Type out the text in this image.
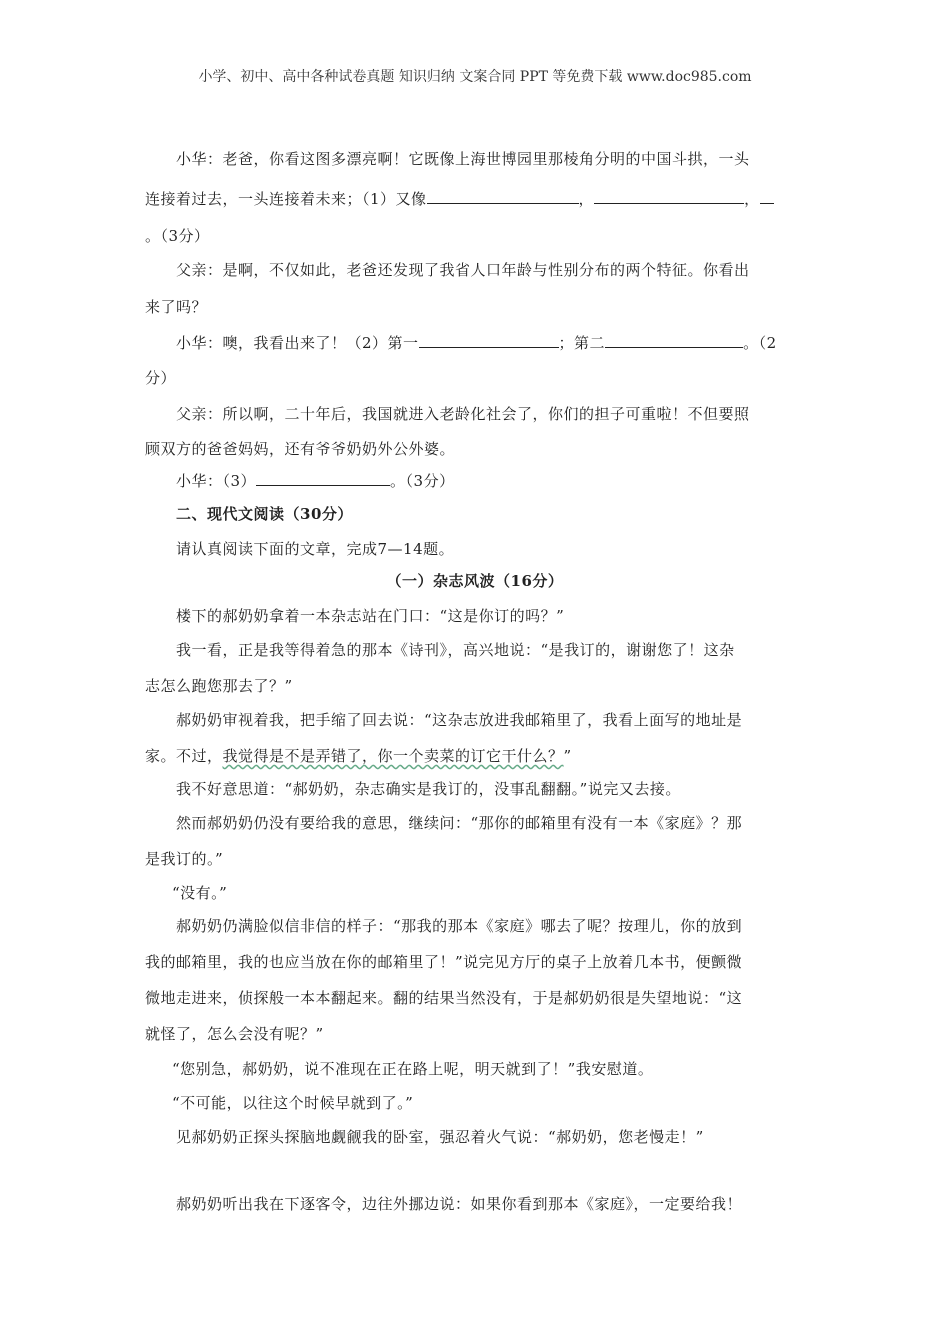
小学、初中、高中各种试卷真题 知识归纳 文案合同 PPT 等免费下载 www.doc985.com
小华：老爸，你看这图多漂亮啊！它既像上海世博园里那棱角分明的中国斗拱，一头
连接着过去，一头连接着未来；（1）又像	，	，
。（3分）
父亲：是啊，不仅如此，老爸还发现了我省人口年龄与性别分布的两个特征。你看出
来了吗？
小华：噢，我看出来了！（2）第一	；第二	。（2
分）
父亲：所以啊，二十年后，我国就进入老龄化社会了，你们的担子可重啦！不但要照
顾双方的爸爸妈妈，还有爷爷奶奶外公外婆。
小华：（3）	。（3分）
二、现代文阅读（30分）
请认真阅读下面的文章，完成7—14题。
（一）杂志风波（16分）
楼下的郝奶奶拿着一本杂志站在门口：“这是你订的吗？”
我一看，正是我等得着急的那本《诗刊》，高兴地说：“是我订的，谢谢您了！这杂
志怎么跑您那去了？”
郝奶奶审视着我，把手缩了回去说：“这杂志放进我邮箱里了，我看上面写的地址是
家。不过，我觉得是不是弄错了，你一个卖菜的订它干什么？”
我不好意思道：“郝奶奶，杂志确实是我订的，没事乱翻翻。”说完又去接。
然而郝奶奶仍没有要给我的意思，继续问：“那你的邮箱里有没有一本《家庭》？那
是我订的。”
“没有。”
郝奶奶仍满脸似信非信的样子：“那我的那本《家庭》哪去了呢？按理儿，你的放到
我的邮箱里，我的也应当放在你的邮箱里了！”说完见方厅的桌子上放着几本书，便颤微
微地走进来，侦探般一本本翻起来。翻的结果当然没有，于是郝奶奶很是失望地说：“这
就怪了，怎么会没有呢？”
“您别急，郝奶奶，说不准现在正在路上呢，明天就到了！”我安慰道。
“不可能，以往这个时候早就到了。”
见郝奶奶正探头探脑地觑觎我的卧室，强忍着火气说：“郝奶奶，您老慢走！”
郝奶奶听出我在下逐客令，边往外挪边说：如果你看到那本《家庭》，一定要给我！
